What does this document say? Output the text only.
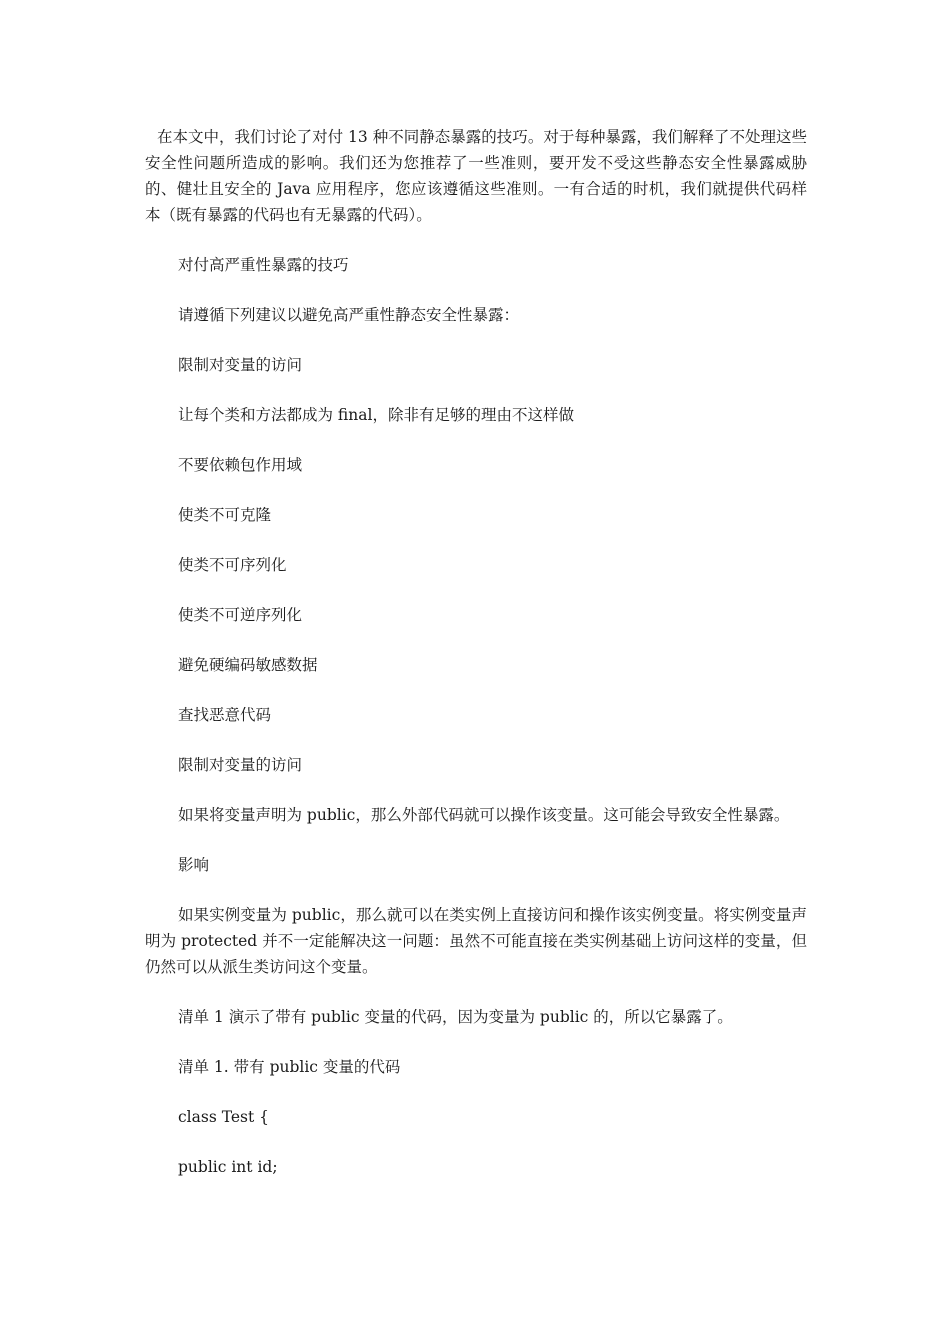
在本文中，我们讨论了对付 13 种不同静态暴露的技巧。对于每种暴露，我们解释了不处理这些安全性问题所造成的影响。我们还为您推荐了一些准则，要开发不受这些静态安全性暴露威胁的、健壮且安全的 Java 应用程序，您应该遵循这些准则。一有合适的时机，我们就提供代码样本（既有暴露的代码也有无暴露的代码）。

对付高严重性暴露的技巧

请遵循下列建议以避免高严重性静态安全性暴露：

限制对变量的访问

让每个类和方法都成为 final，除非有足够的理由不这样做

不要依赖包作用域

使类不可克隆

使类不可序列化

使类不可逆序列化

避免硬编码敏感数据

查找恶意代码

限制对变量的访问

如果将变量声明为 public，那么外部代码就可以操作该变量。这可能会导致安全性暴露。

影响

如果实例变量为 public，那么就可以在类实例上直接访问和操作该实例变量。将实例变量声明为 protected 并不一定能解决这一问题：虽然不可能直接在类实例基础上访问这样的变量，但仍然可以从派生类访问这个变量。

清单 1 演示了带有 public 变量的代码，因为变量为 public 的，所以它暴露了。

清单 1. 带有 public 变量的代码

class Test {

public int id;
